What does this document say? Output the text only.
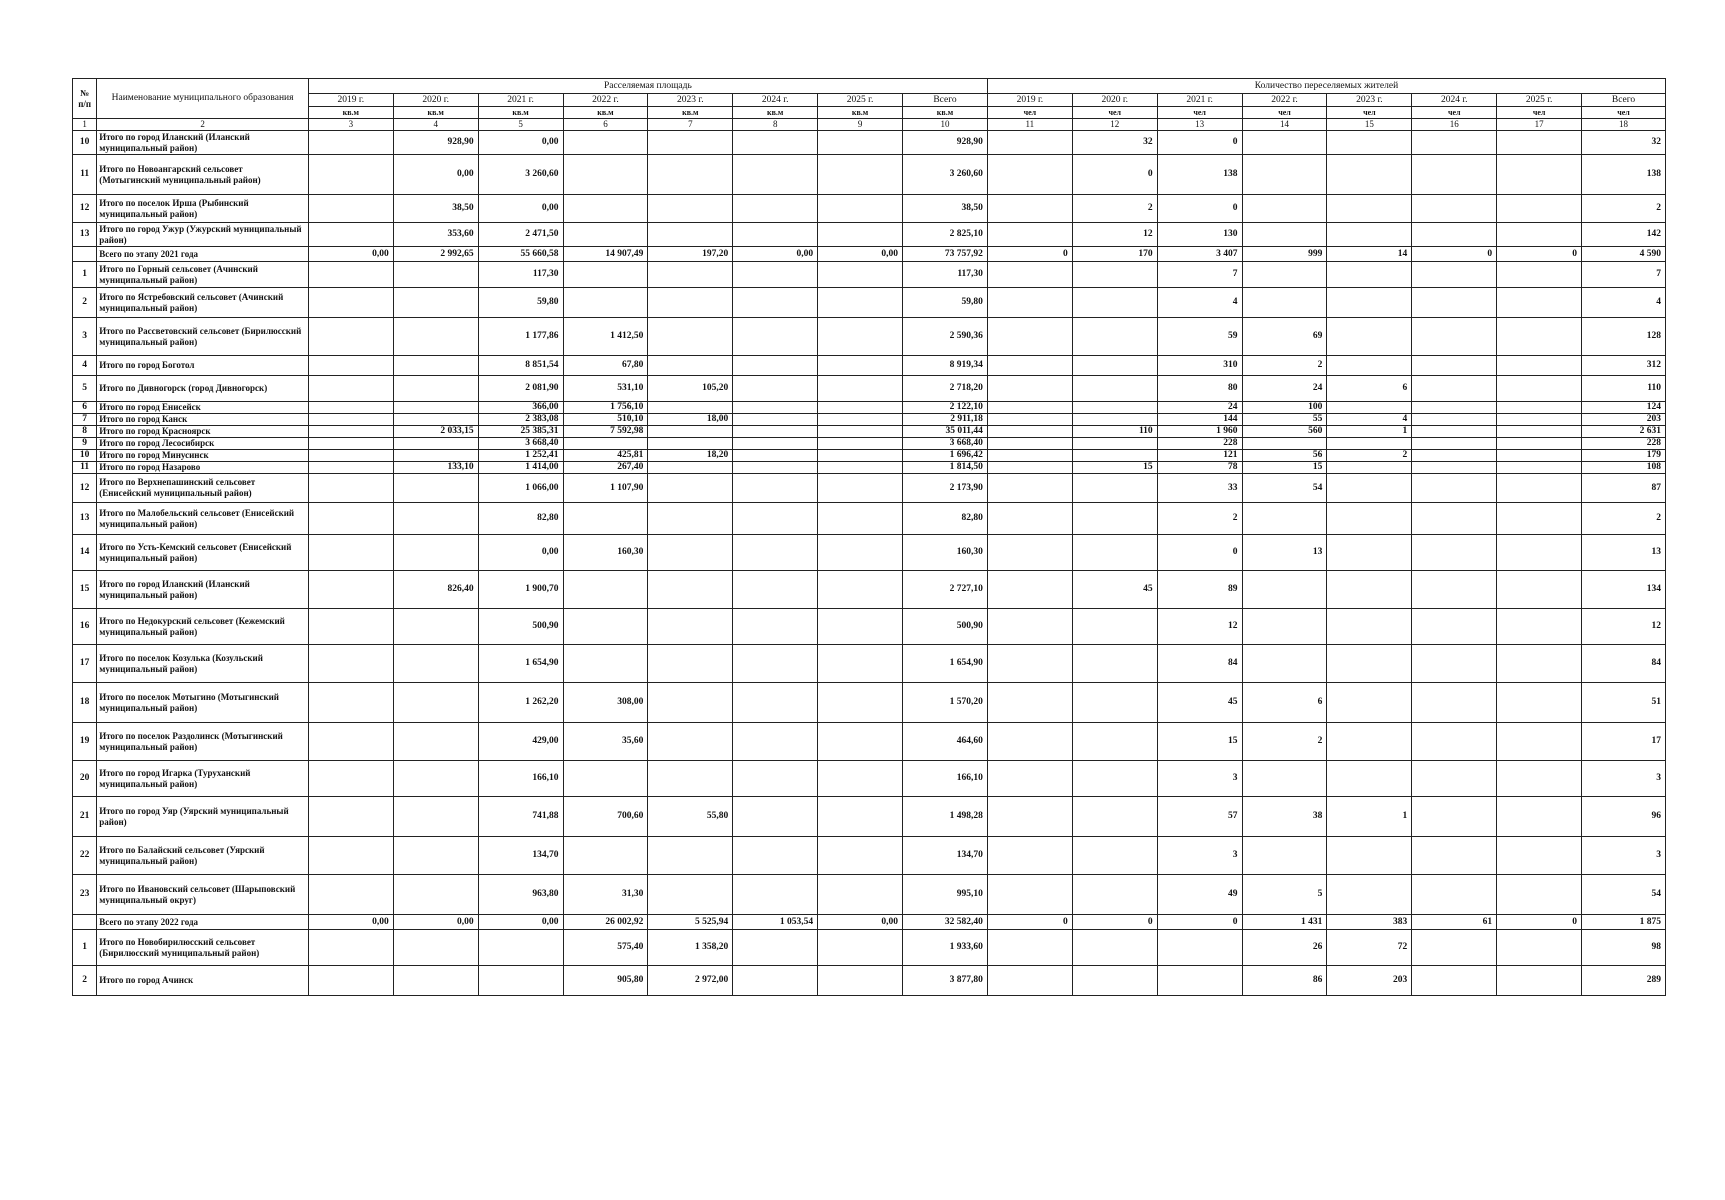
№
п/п	Наименование муниципального образования	Расселяемая площадь								Количество переселяемых жителей							
		2019 г.	2020 г.	2021 г.	2022 г.	2023 г.	2024 г.	2025 г.	Всего	2019 г.	2020 г.	2021 г.	2022 г.	2023 г.	2024 г.	2025 г.	Всего
		кв.м	кв.м	кв.м	кв.м	кв.м	кв.м	кв.м	кв.м	чел	чел	чел	чел	чел	чел	чел	чел
1	2	3	4	5	6	7	8	9	10	11	12	13	14	15	16	17	18
10	Итого по город Иланский (Иланский муниципальный район)		928,90	0,00					928,90		32	0					32
11	Итого по Новоангарский сельсовет (Мотыгинский муниципальный район)		0,00	3 260,60					3 260,60		0	138					138
12	Итого по поселок Ирша (Рыбинский муниципальный район)		38,50	0,00					38,50		2	0					2
13	Итого по город Ужур (Ужурский муниципальный район)		353,60	2 471,50					2 825,10		12	130					142
	Всего по этапу 2021 года	0,00	2 992,65	55 660,58	14 907,49	197,20	0,00	0,00	73 757,92	0	170	3 407	999	14	0	0	4 590
1	Итого по Горный сельсовет (Ачинский муниципальный район)			117,30					117,30			7					7
2	Итого по Ястребовский сельсовет (Ачинский муниципальный район)			59,80					59,80			4					4
3	Итого по Рассветовский сельсовет (Бирилюсский муниципальный район)			1 177,86	1 412,50				2 590,36			59	69				128
4	Итого по город Боготол			8 851,54	67,80				8 919,34			310	2				312
5	Итого по Дивногорск (город Дивногорск)			2 081,90	531,10	105,20			2 718,20			80	24	6			110
6	Итого по город Енисейск			366,00	1 756,10				2 122,10			24	100				124
7	Итого по город Канск			2 383,08	510,10	18,00			2 911,18			144	55	4			203
8	Итого по город Красноярск		2 033,15	25 385,31	7 592,98				35 011,44		110	1 960	560	1			2 631
9	Итого по город Лесосибирск			3 668,40					3 668,40			228					228
10	Итого по город Минусинск			1 252,41	425,81	18,20			1 696,42			121	56	2			179
11	Итого по город Назарово		133,10	1 414,00	267,40				1 814,50		15	78	15				108
12	Итого по Верхнепашинский сельсовет (Енисейский муниципальный район)			1 066,00	1 107,90				2 173,90			33	54				87
13	Итого по Малобельский сельсовет (Енисейский муниципальный район)			82,80					82,80			2					2
14	Итого по Усть-Кемский сельсовет (Енисейский муниципальный район)			0,00	160,30				160,30			0	13				13
15	Итого по город Иланский (Иланский муниципальный район)		826,40	1 900,70					2 727,10		45	89					134
16	Итого по Недокурский сельсовет (Кежемский муниципальный район)			500,90					500,90			12					12
17	Итого по поселок Козулька (Козульский муниципальный район)			1 654,90					1 654,90			84					84
18	Итого по поселок Мотыгино (Мотыгинский муниципальный район)			1 262,20	308,00				1 570,20			45	6				51
19	Итого по поселок Раздолинск (Мотыгинский муниципальный район)			429,00	35,60				464,60			15	2				17
20	Итого по город Игарка (Туруханский муниципальный район)			166,10					166,10			3					3
21	Итого по город Уяр (Уярский муниципальный район)			741,88	700,60	55,80			1 498,28			57	38	1			96
22	Итого по Балайский сельсовет (Уярский муниципальный район)			134,70					134,70			3					3
23	Итого по Ивановский сельсовет (Шарыповский муниципальный округ)			963,80	31,30				995,10			49	5				54
	Всего по этапу 2022 года	0,00	0,00	0,00	26 002,92	5 525,94	1 053,54	0,00	32 582,40	0	0	0	1 431	383	61	0	1 875
1	Итого по Новобирилюсский сельсовет (Бирилюсский муниципальный район)				575,40	1 358,20			1 933,60				26	72			98
2	Итого по город Ачинск				905,80	2 972,00			3 877,80				86	203			289
